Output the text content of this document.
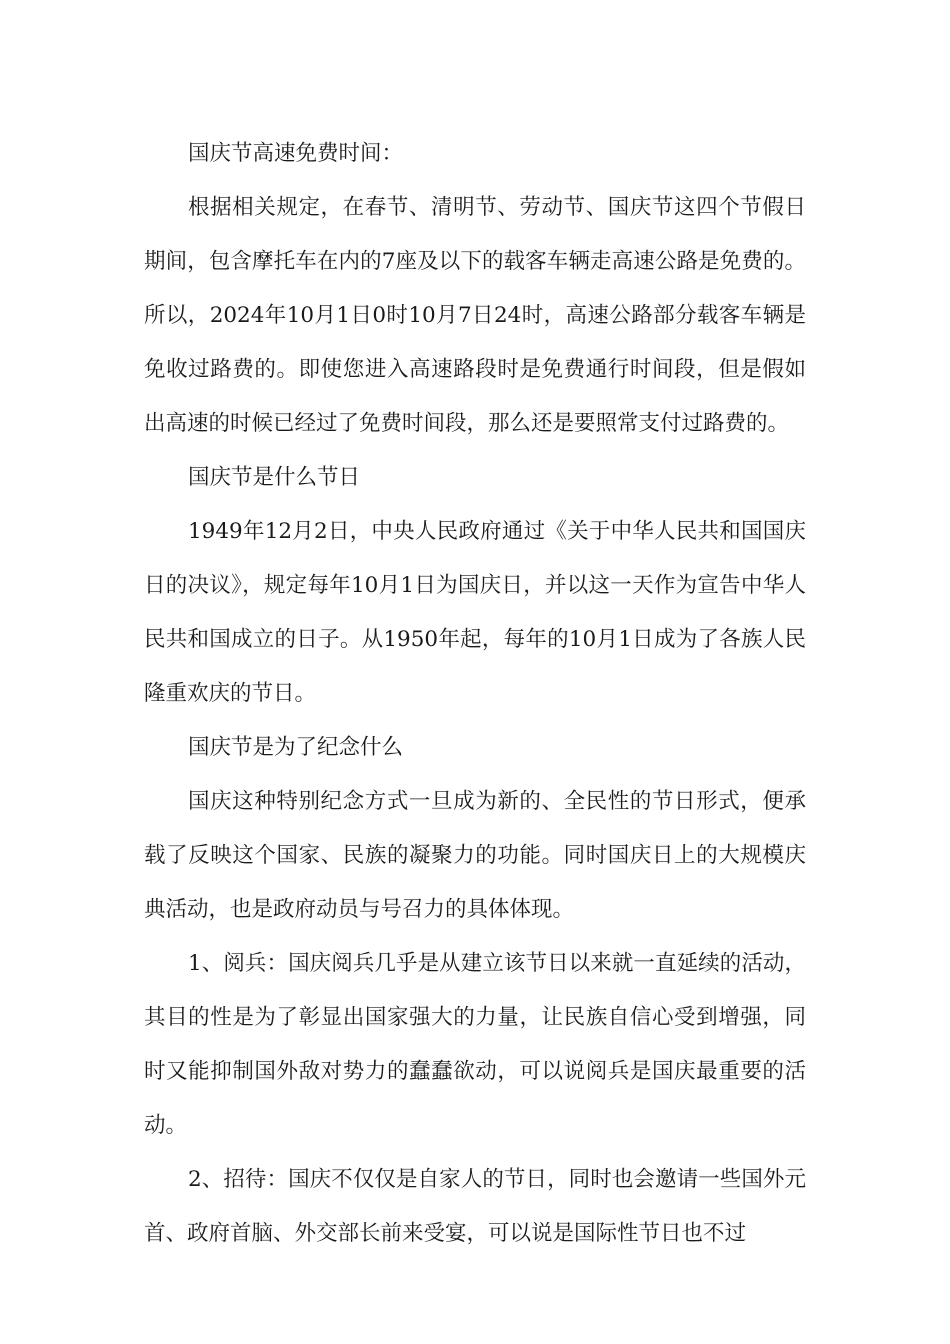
国庆节高速免费时间：

根据相关规定，在春节、清明节、劳动节、国庆节这四个节假日期间，包含摩托车在内的7座及以下的载客车辆走高速公路是免费的。所以，2024年10月1日0时10月7日24时，高速公路部分载客车辆是免收过路费的。即使您进入高速路段时是免费通行时间段，但是假如出高速的时候已经过了免费时间段，那么还是要照常支付过路费的。

国庆节是什么节日

1949年12月2日，中央人民政府通过《关于中华人民共和国国庆日的决议》，规定每年10月1日为国庆日，并以这一天作为宣告中华人民共和国成立的日子。从1950年起，每年的10月1日成为了各族人民隆重欢庆的节日。

国庆节是为了纪念什么

国庆这种特别纪念方式一旦成为新的、全民性的节日形式，便承载了反映这个国家、民族的凝聚力的功能。同时国庆日上的大规模庆典活动，也是政府动员与号召力的具体体现。

1、阅兵：国庆阅兵几乎是从建立该节日以来就一直延续的活动，其目的性是为了彰显出国家强大的力量，让民族自信心受到增强，同时又能抑制国外敌对势力的蠢蠢欲动，可以说阅兵是国庆最重要的活动。

2、招待：国庆不仅仅是自家人的节日，同时也会邀请一些国外元首、政府首脑、外交部长前来受宴，可以说是国际性节日也不过
